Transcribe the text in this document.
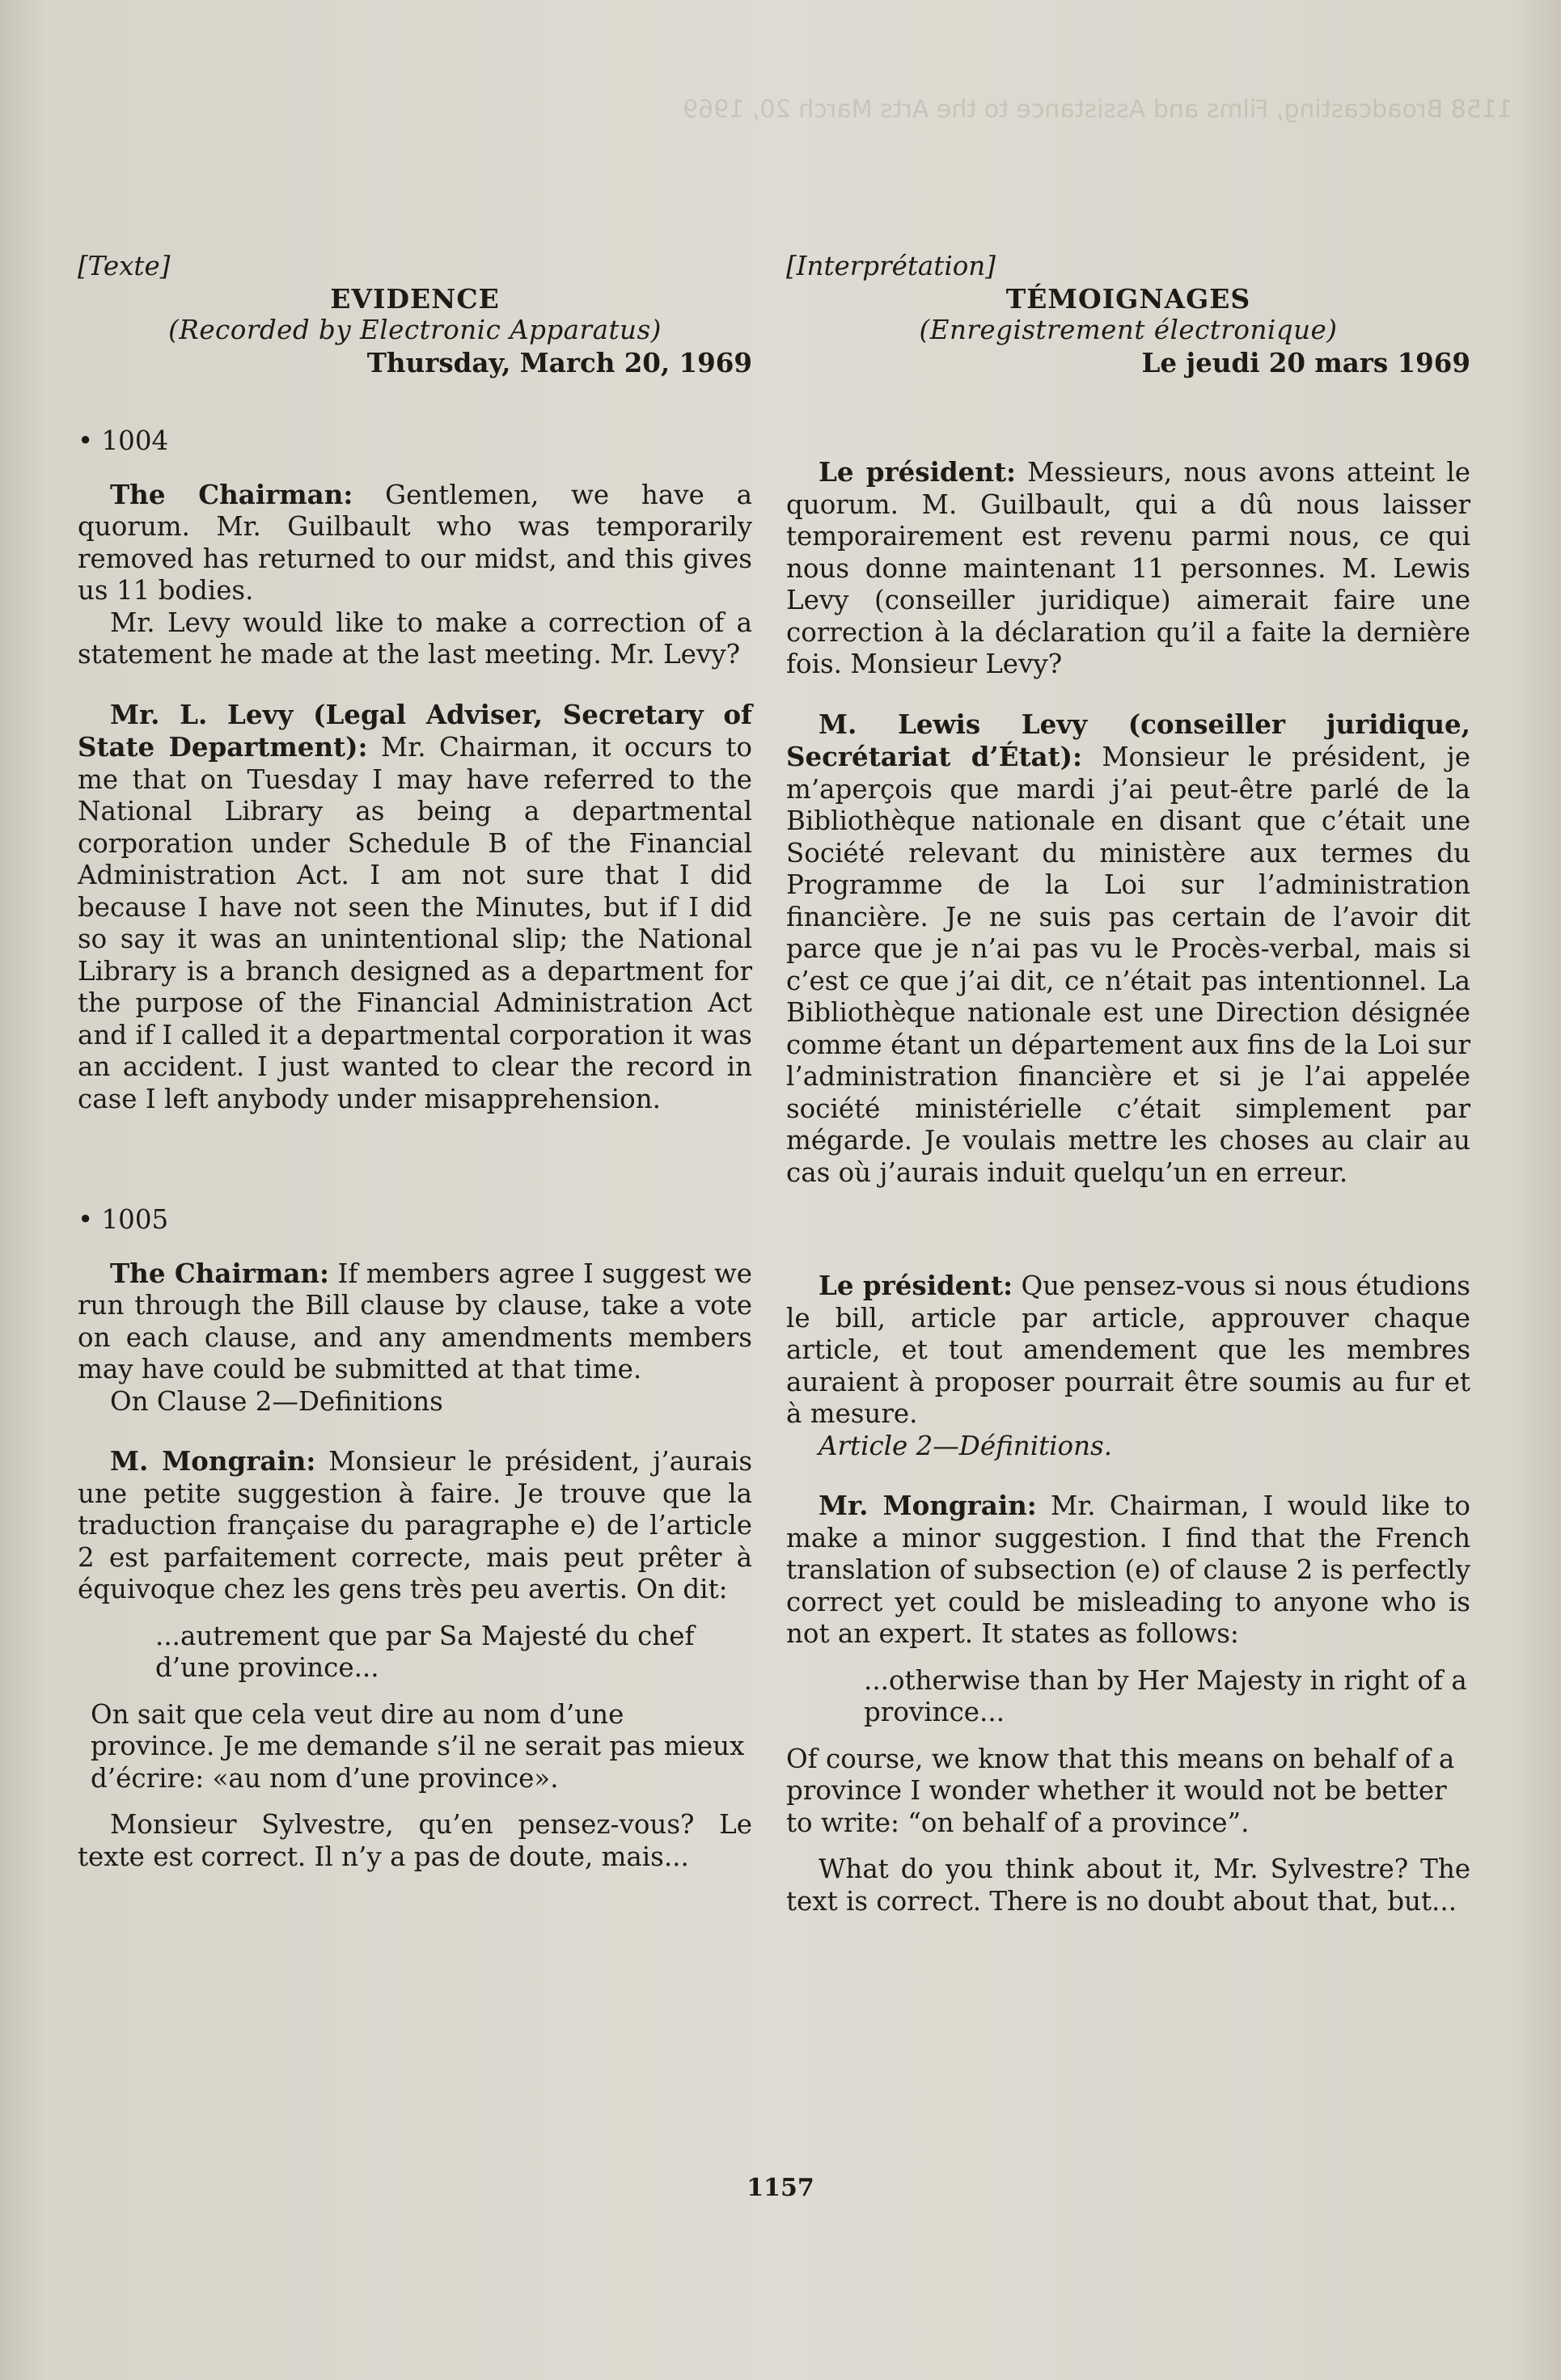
1158 Broadcasting, Films and Assistance to the Arts March 20, 1969

[Texte]

EVIDENCE

(Recorded by Electronic Apparatus)

Thursday, March 20, 1969

• 1004

The Chairman: Gentlemen, we have a quorum. Mr. Guilbault who was temporarily removed has returned to our midst, and this gives us 11 bodies.

Mr. Levy would like to make a correction of a statement he made at the last meeting. Mr. Levy?

Mr. L. Levy (Legal Adviser, Secretary of State Department): Mr. Chairman, it occurs to me that on Tuesday I may have referred to the National Library as being a departmental corporation under Schedule B of the Financial Administration Act. I am not sure that I did because I have not seen the Minutes, but if I did so say it was an unintentional slip; the National Library is a branch designed as a department for the purpose of the Financial Administration Act and if I called it a departmental corporation it was an accident. I just wanted to clear the record in case I left anybody under misapprehension.

• 1005

The Chairman: If members agree I suggest we run through the Bill clause by clause, take a vote on each clause, and any amendments members may have could be submitted at that time.

On Clause 2—Definitions

M. Mongrain: Monsieur le président, j’aurais une petite suggestion à faire. Je trouve que la traduction française du paragraphe e) de l’article 2 est parfaitement correcte, mais peut prêter à équivoque chez les gens très peu avertis. On dit:

...autrement que par Sa Majesté du chef d’une province...

On sait que cela veut dire au nom d’une province. Je me demande s’il ne serait pas mieux d’écrire: «au nom d’une province».

Monsieur Sylvestre, qu’en pensez-vous? Le texte est correct. Il n’y a pas de doute, mais...

[Interprétation]

TÉMOIGNAGES

(Enregistrement électronique)

Le jeudi 20 mars 1969

Le président: Messieurs, nous avons atteint le quorum. M. Guilbault, qui a dû nous laisser temporairement est revenu parmi nous, ce qui nous donne maintenant 11 personnes. M. Lewis Levy (conseiller juridique) aimerait faire une correction à la déclaration qu’il a faite la dernière fois. Monsieur Levy?

M. Lewis Levy (conseiller juridique, Secrétariat d’État): Monsieur le président, je m’aperçois que mardi j’ai peut-être parlé de la Bibliothèque nationale en disant que c’était une Société relevant du ministère aux termes du Programme de la Loi sur l’administration financière. Je ne suis pas certain de l’avoir dit parce que je n’ai pas vu le Procès-verbal, mais si c’est ce que j’ai dit, ce n’était pas intentionnel. La Bibliothèque nationale est une Direction désignée comme étant un département aux fins de la Loi sur l’administration financière et si je l’ai appelée société ministérielle c’était simplement par mégarde. Je voulais mettre les choses au clair au cas où j’aurais induit quelqu’un en erreur.

Le président: Que pensez-vous si nous étudions le bill, article par article, approuver chaque article, et tout amendement que les membres auraient à proposer pourrait être soumis au fur et à mesure.

Article 2—Définitions.

Mr. Mongrain: Mr. Chairman, I would like to make a minor suggestion. I find that the French translation of subsection (e) of clause 2 is perfectly correct yet could be misleading to anyone who is not an expert. It states as follows:

...otherwise than by Her Majesty in right of a province...

Of course, we know that this means on behalf of a province I wonder whether it would not be better to write: “on behalf of a province”.

What do you think about it, Mr. Sylvestre? The text is correct. There is no doubt about that, but...

1157
